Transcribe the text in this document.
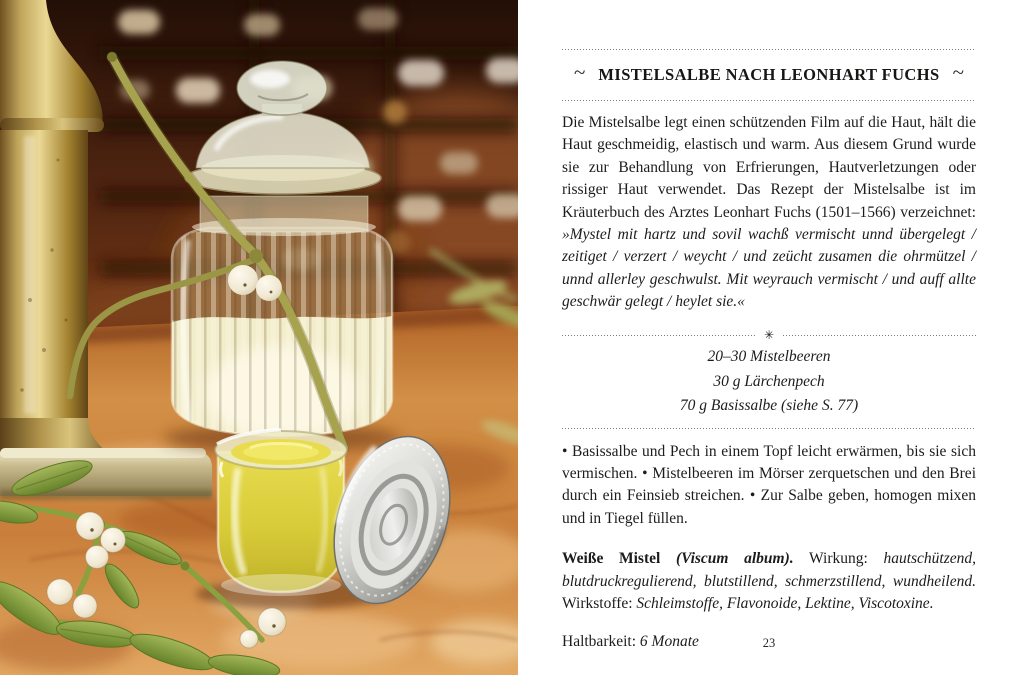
~ MISTELSALBE NACH LEONHART FUCHS ~

Die Mistelsalbe legt einen schützenden Film auf die Haut, hält die Haut geschmeidig, elastisch und warm. Aus diesem Grund wurde sie zur Behandlung von Erfrierungen, Hautverletzungen oder rissiger Haut verwendet. Das Rezept der Mistelsalbe ist im Kräuterbuch des Arztes Leonhart Fuchs (1501–1566) verzeichnet: »Mystel mit hartz und sovil wachß vermischt unnd übergelegt / zeitiget / verzert / weycht / und zeücht zusamen die ohrmützel / unnd allerley geschwulst. Mit weyrauch vermischt / und auff allte geschwär gelegt / heylet sie.«

✳
20–30 Mistelbeeren
30 g Lärchenpech
70 g Basissalbe (siehe S. 77)

• Basissalbe und Pech in einem Topf leicht erwärmen, bis sie sich vermischen. • Mistelbeeren im Mörser zerquetschen und den Brei durch ein Feinsieb streichen. • Zur Salbe geben, homogen mixen und in Tiegel füllen.

Weiße Mistel (Viscum album). Wirkung: hautschützend, blutdruckregulierend, blutstillend, schmerzstillend, wundheilend. Wirkstoffe: Schleimstoffe, Flavonoide, Lektine, Viscotoxine.

Haltbarkeit: 6 Monate	23
